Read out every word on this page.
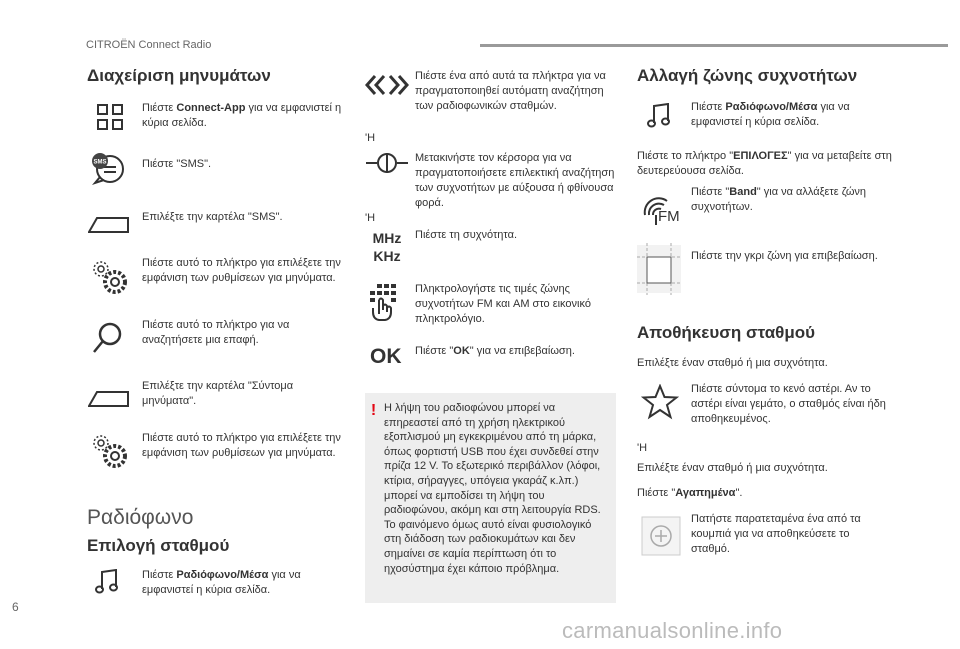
CITROËN Connect Radio
Διαχείριση μηνυμάτων
Πιέστε Connect-App για να εμφανιστεί η κύρια σελίδα.
SMS	Πιέστε "SMS".
Επιλέξτε την καρτέλα "SMS".
Πιέστε αυτό το πλήκτρο για επιλέξετε την εμφάνιση των ρυθμίσεων για μηνύματα.
Πιέστε αυτό το πλήκτρο για να αναζητήσετε μια επαφή.
Επιλέξτε την καρτέλα "Σύντομα μηνύματα".
Πιέστε αυτό το πλήκτρο για επιλέξετε την εμφάνιση των ρυθμίσεων για μηνύματα.
Ραδιόφωνο
Επιλογή σταθμού
Πιέστε Ραδιόφωνο/Μέσα για να εμφανιστεί η κύρια σελίδα.
Πιέστε ένα από αυτά τα πλήκτρα για να πραγματοποιηθεί αυτόματη αναζήτηση των ραδιοφωνικών σταθμών.
'Η
Μετακινήστε τον κέρσορα για να πραγματοποιήσετε επιλεκτική αναζήτηση των συχνοτήτων με αύξουσα ή φθίνουσα φορά.
'Η
MHz
KHz
Πιέστε τη συχνότητα.
Πληκτρολογήστε τις τιμές ζώνης συχνοτήτων FM και AM στο εικονικό πληκτρολόγιο.
OK Πιέστε "OK" για να επιβεβαίωση.
! Η λήψη του ραδιοφώνου μπορεί να επηρεαστεί από τη χρήση ηλεκτρικού εξοπλισμού μη εγκεκριμένου από τη μάρκα, όπως φορτιστή USB που έχει συνδεθεί στην πρίζα 12 V. Το εξωτερικό περιβάλλον (λόφοι, κτίρια, σήραγγες, υπόγεια γκαράζ κ.λπ.) μπορεί να εμποδίσει τη λήψη του ραδιοφώνου, ακόμη και στη λειτουργία RDS. Το φαινόμενο όμως αυτό είναι φυσιολογικό στη διάδοση των ραδιοκυμάτων και δεν σημαίνει σε καμία περίπτωση ότι το ηχοσύστημα έχει κάποιο πρόβλημα.
Αλλαγή ζώνης συχνοτήτων
Πιέστε Ραδιόφωνο/Μέσα για να εμφανιστεί η κύρια σελίδα.
Πιέστε το πλήκτρο "ΕΠΙΛΟΓΕΣ" για να μεταβείτε στη δευτερεύουσα σελίδα.
FM
Πιέστε "Band" για να αλλάξετε ζώνη συχνοτήτων.
Πιέστε την γκρι ζώνη για επιβεβαίωση.
Αποθήκευση σταθμού
Επιλέξτε έναν σταθμό ή μια συχνότητα.
Πιέστε σύντομα το κενό αστέρι. Αν το αστέρι είναι γεμάτο, ο σταθμός είναι ήδη αποθηκευμένος.
'Η
Επιλέξτε έναν σταθμό ή μια συχνότητα.
Πιέστε "Αγαπημένα".
Πατήστε παρατεταμένα ένα από τα κουμπιά για να αποθηκεύσετε το σταθμό.
6
carmanualsonline.info
